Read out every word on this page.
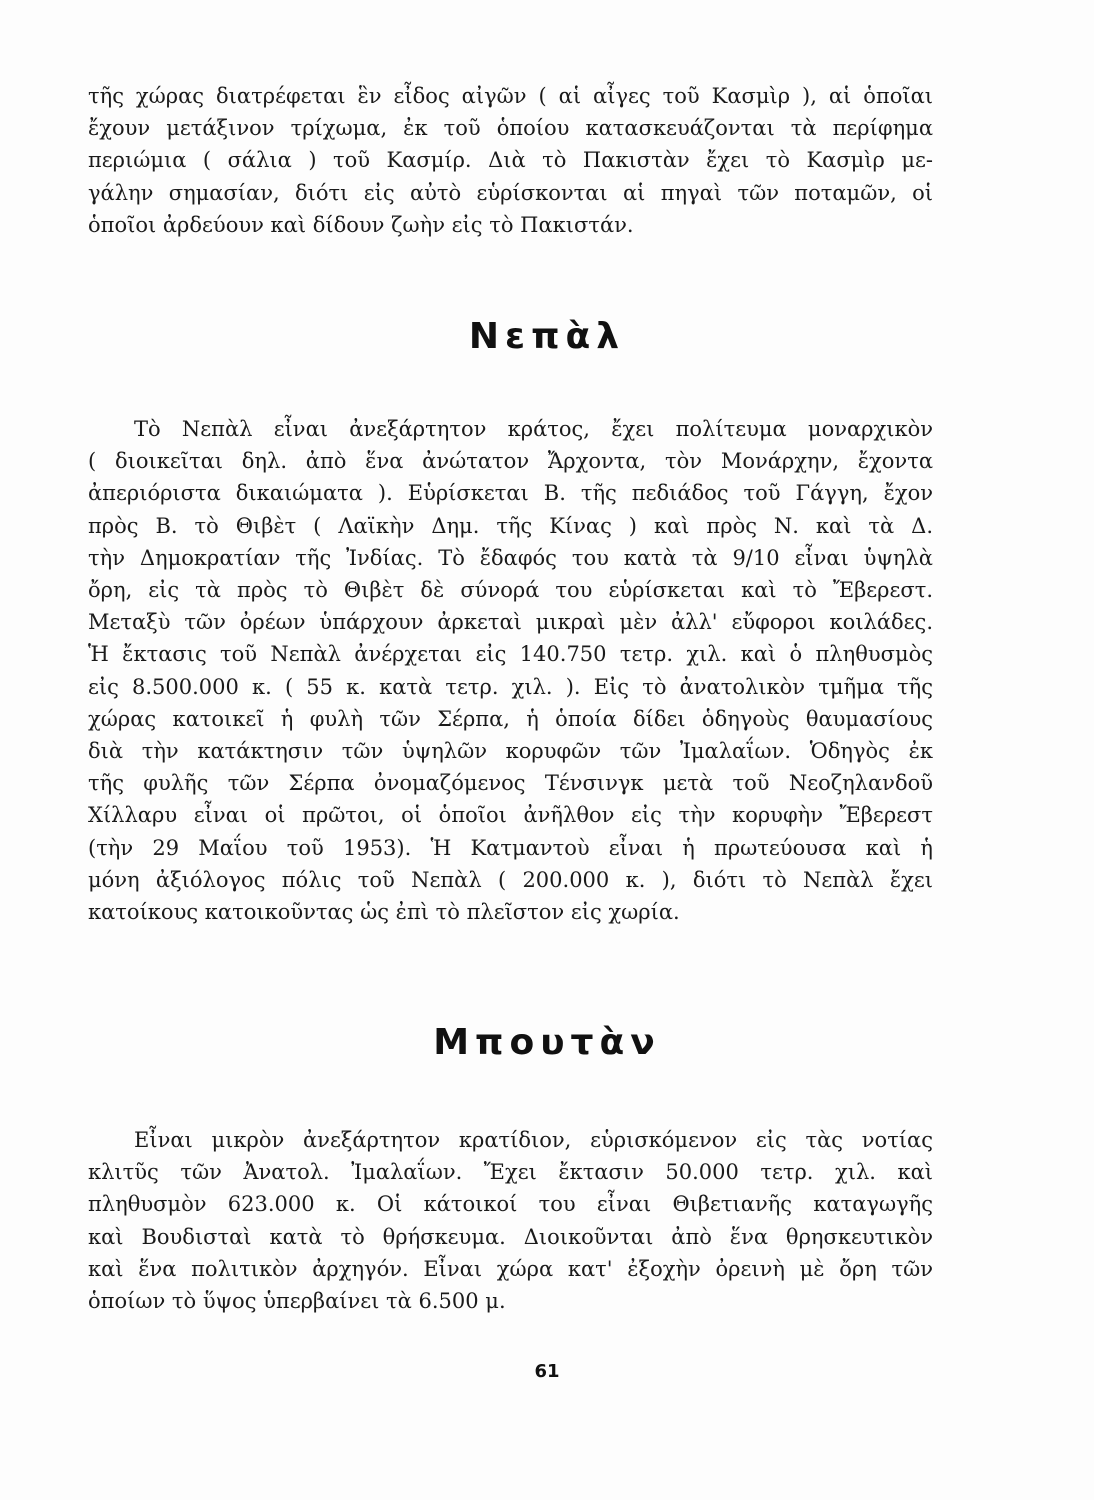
τῆς χώρας διατρέφεται ἓν εἶδος αἰγῶν ( αἱ αἶγες τοῦ Κασμὶρ ), αἱ ὁποῖαι
ἔχουν μετάξινον τρίχωμα, ἐκ τοῦ ὁποίου κατασκευάζονται τὰ περίφημα
περιώμια ( σάλια ) τοῦ Κασμίρ. Διὰ τὸ Πακιστὰν ἔχει τὸ Κασμὶρ με-
γάλην σημασίαν, διότι εἰς αὐτὸ εὑρίσκονται αἱ πηγαὶ τῶν ποταμῶν, οἱ
ὁποῖοι ἀρδεύουν καὶ δίδουν ζωὴν εἰς τὸ Πακιστάν.
Νεπὰλ
Τὸ Νεπὰλ εἶναι ἀνεξάρτητον κράτος, ἔχει πολίτευμα μοναρχικὸν
( διοικεῖται δηλ. ἀπὸ ἕνα ἀνώτατον Ἄρχοντα, τὸν Μονάρχην, ἔχοντα
ἀπεριόριστα δικαιώματα ). Εὑρίσκεται Β. τῆς πεδιάδος τοῦ Γάγγη, ἔχον
πρὸς Β. τὸ Θιβὲτ ( Λαϊκὴν Δημ. τῆς Κίνας ) καὶ πρὸς Ν. καὶ τὰ Δ.
τὴν Δημοκρατίαν τῆς Ἰνδίας. Τὸ ἔδαφός του κατὰ τὰ 9/10 εἶναι ὑψηλὰ
ὄρη, εἰς τὰ πρὸς τὸ Θιβὲτ δὲ σύνορά του εὑρίσκεται καὶ τὸ Ἔβερεστ.
Μεταξὺ τῶν ὀρέων ὑπάρχουν ἀρκεταὶ μικραὶ μὲν ἀλλ' εὔφοροι κοιλάδες.
Ἡ ἔκτασις τοῦ Νεπὰλ ἀνέρχεται εἰς 140.750 τετρ. χιλ. καὶ ὁ πληθυσμὸς
εἰς 8.500.000 κ. ( 55 κ. κατὰ τετρ. χιλ. ). Εἰς τὸ ἀνατολικὸν τμῆμα τῆς
χώρας κατοικεῖ ἡ φυλὴ τῶν Σέρπα, ἡ ὁποία δίδει ὁδηγοὺς θαυμασίους
διὰ τὴν κατάκτησιν τῶν ὑψηλῶν κορυφῶν τῶν Ἰμαλαΐων. Ὁδηγὸς ἐκ
τῆς φυλῆς τῶν Σέρπα ὀνομαζόμενος Τένσινγκ μετὰ τοῦ Νεοζηλανδοῦ
Χίλλαρυ εἶναι οἱ πρῶτοι, οἱ ὁποῖοι ἀνῆλθον εἰς τὴν κορυφὴν Ἔβερεστ
(τὴν 29 Μαΐου τοῦ 1953). Ἡ Κατμαντοὺ εἶναι ἡ πρωτεύουσα καὶ ἡ
μόνη ἀξιόλογος πόλις τοῦ Νεπὰλ ( 200.000 κ. ), διότι τὸ Νεπὰλ ἔχει
κατοίκους κατοικοῦντας ὡς ἐπὶ τὸ πλεῖστον εἰς χωρία.
Μπουτὰν
Εἶναι μικρὸν ἀνεξάρτητον κρατίδιον, εὑρισκόμενον εἰς τὰς νοτίας
κλιτῦς τῶν Ἀνατολ. Ἰμαλαΐων. Ἔχει ἔκτασιν 50.000 τετρ. χιλ. καὶ
πληθυσμὸν 623.000 κ. Οἱ κάτοικοί του εἶναι Θιβετιανῆς καταγωγῆς
καὶ Βουδισταὶ κατὰ τὸ θρήσκευμα. Διοικοῦνται ἀπὸ ἕνα θρησκευτικὸν
καὶ ἕνα πολιτικὸν ἀρχηγόν. Εἶναι χώρα κατ' ἐξοχὴν ὀρεινὴ μὲ ὄρη τῶν
ὁποίων τὸ ὕψος ὑπερβαίνει τὰ 6.500 μ.
61
